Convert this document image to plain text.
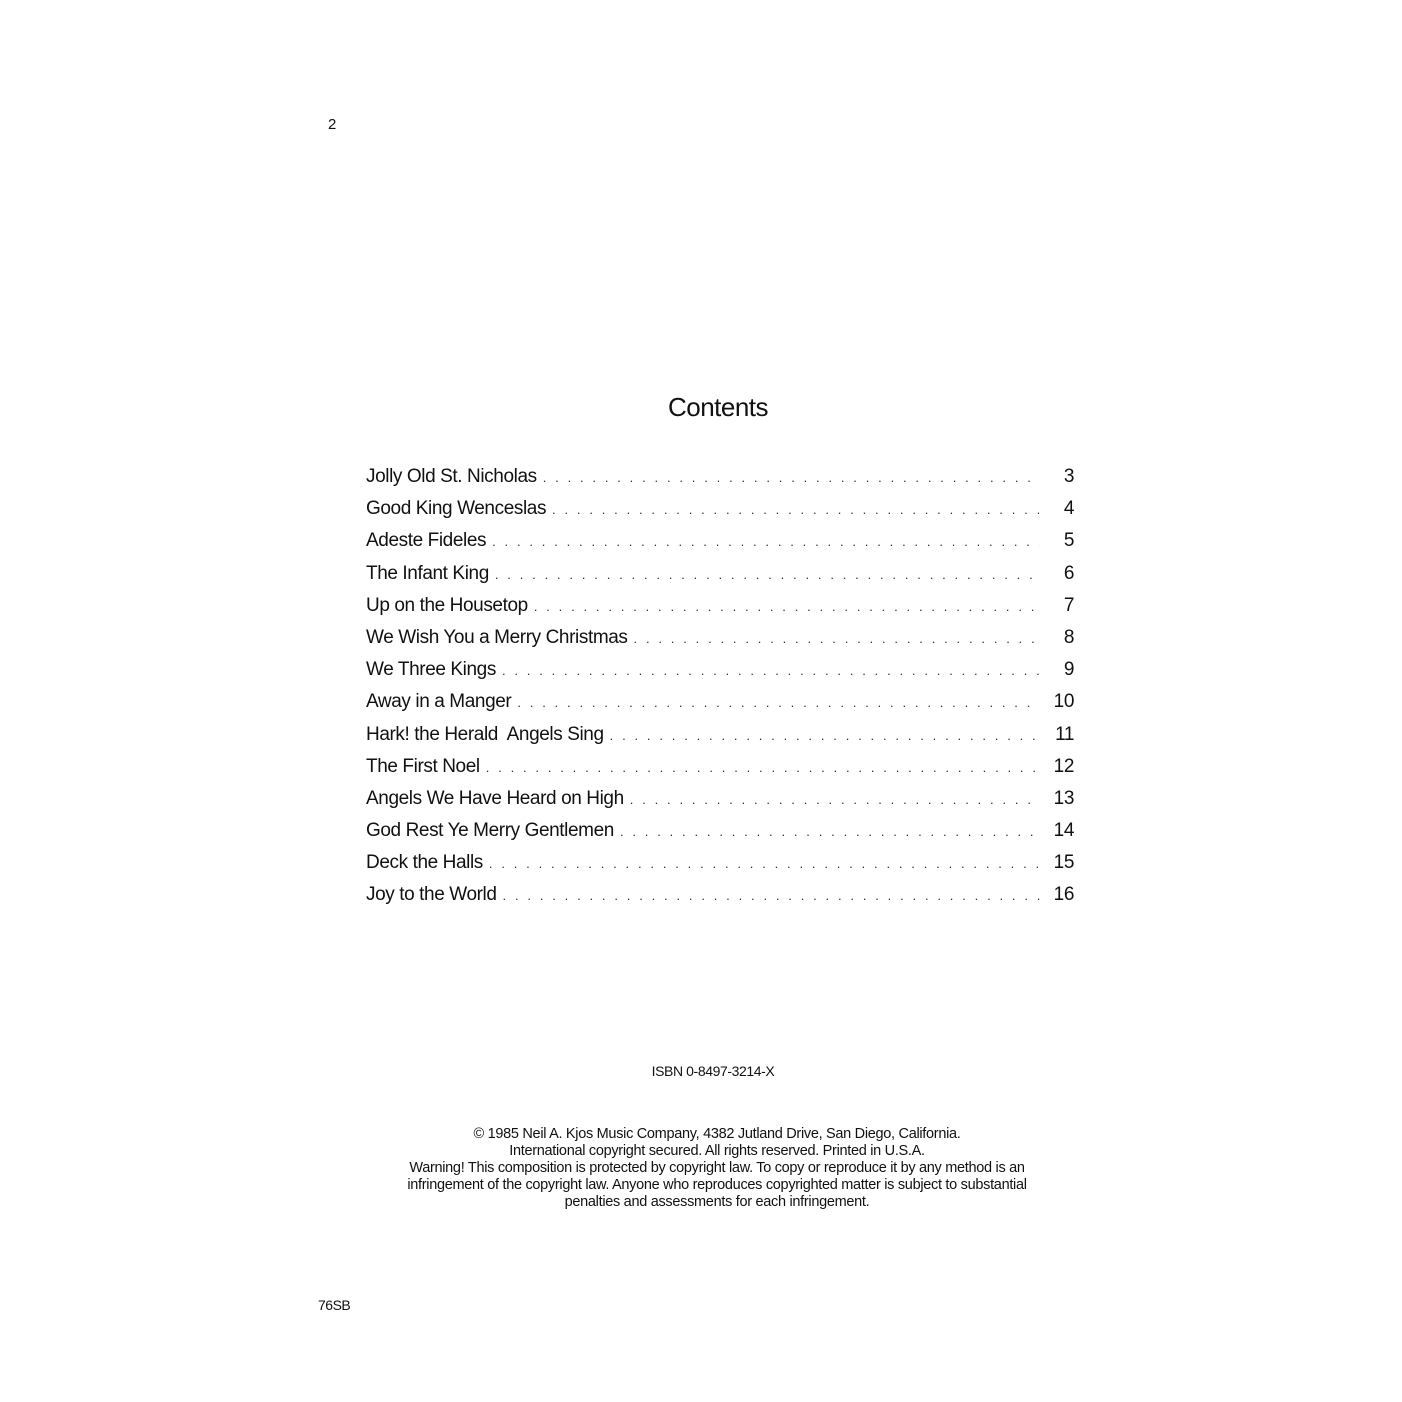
2
Contents
Jolly Old St. Nicholas . . .	3
Good King Wenceslas . . .	4
Adeste Fideles . . .	5
The Infant King . . .	6
Up on the Housetop . . .	7
We Wish You a Merry Christmas . . .	8
We Three Kings . . .	9
Away in a Manger . . .	10
Hark! the Herald  Angels Sing . . .	11
The First Noel . . .	12
Angels We Have Heard on High . . .	13
God Rest Ye Merry Gentlemen . . .	14
Deck the Halls . . .	15
Joy to the World . . .	16
ISBN 0-8497-3214-X
© 1985 Neil A. Kjos Music Company, 4382 Jutland Drive, San Diego, California.
International copyright secured. All rights reserved. Printed in U.S.A.
Warning! This composition is protected by copyright law. To copy or reproduce it by any method is an
infringement of the copyright law. Anyone who reproduces copyrighted matter is subject to substantial
penalties and assessments for each infringement.
76SB
